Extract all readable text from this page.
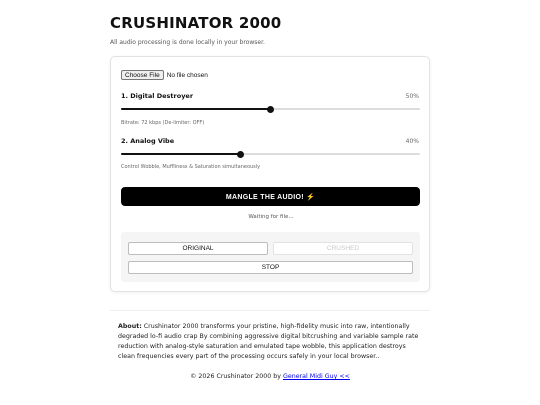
CRUSHINATOR 2000
All audio processing is done locally in your browser.
Choose File	No file chosen
1. Digital Destroyer	50%
Bitrate: 72 kbps (De-limiter: OFF)
2. Analog Vibe	40%
Control Wobble, Muffliness & Saturation simultaneously
MANGLE THE AUDIO! ⚡
Waiting for file...
ORIGINAL	CRUSHED
STOP
About: Crushinator 2000 transforms your pristine, high-fidelity music into raw, intentionally degraded lo-fi audio crap By combining aggressive digital bitcrushing and variable sample rate reduction with analog-style saturation and emulated tape wobble, this application destroys clean frequencies every part of the processing occurs safely in your local browser..
© 2026 Crushinator 2000 by General Midi Guy <<
